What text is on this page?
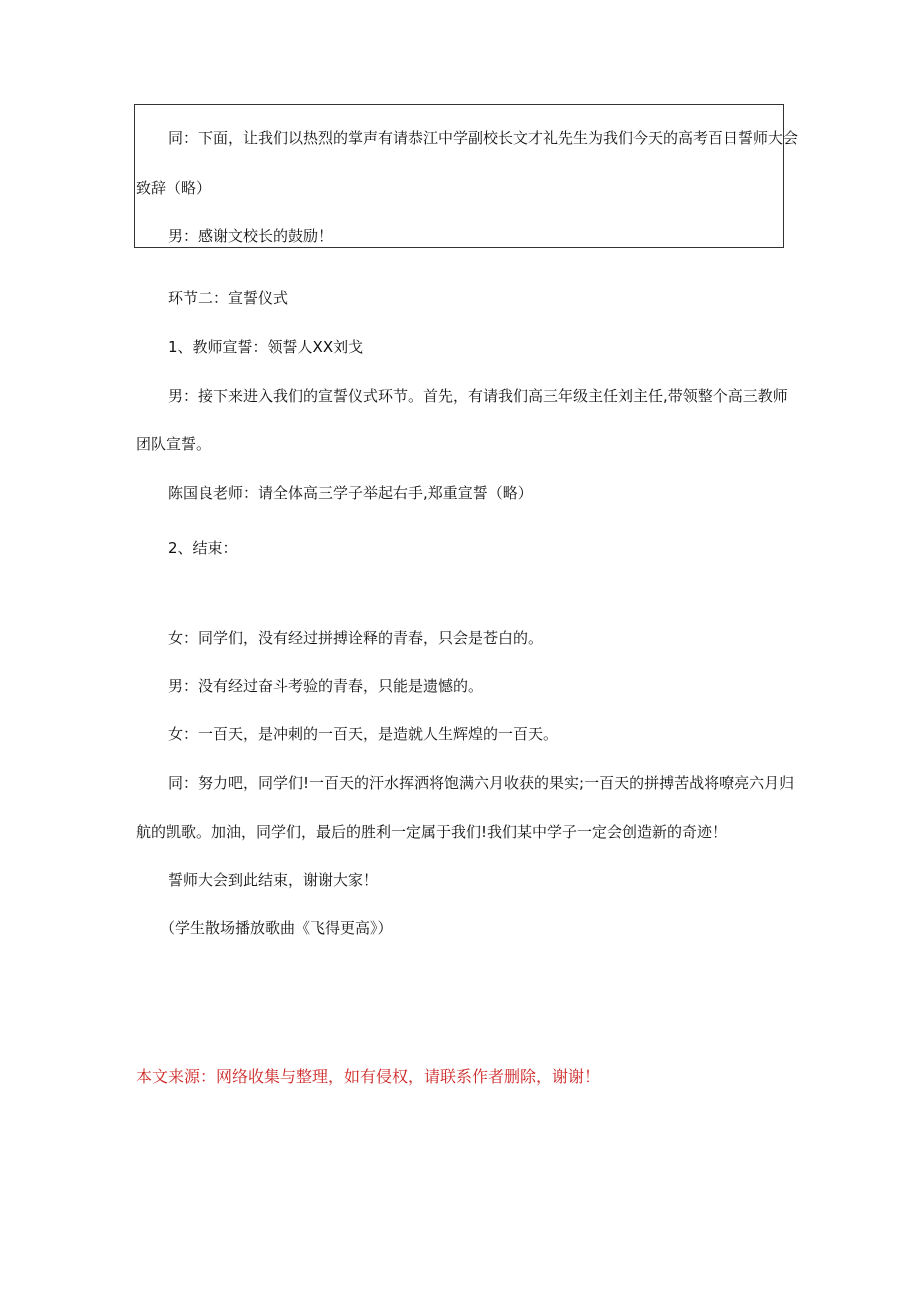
同：下面，让我们以热烈的掌声有请恭江中学副校长文才礼先生为我们今天的高考百日誓师大会
致辞（略）
男：感谢文校长的鼓励！
环节二：宣誓仪式
1、教师宣誓：领誓人XX刘戈
男：接下来进入我们的宣誓仪式环节。首先，有请我们高三年级主任刘主任,带领整个高三教师
团队宣誓。
陈国良老师：请全体高三学子举起右手,郑重宣誓（略）
2、结束：
女：同学们，没有经过拼搏诠释的青春，只会是苍白的。
男：没有经过奋斗考验的青春，只能是遗憾的。
女：一百天，是冲刺的一百天，是造就人生辉煌的一百天。
同：努力吧，同学们!一百天的汗水挥洒将饱满六月收获的果实;一百天的拼搏苦战将嘹亮六月归
航的凯歌。加油，同学们，最后的胜利一定属于我们!我们某中学子一定会创造新的奇迹！
誓师大会到此结束，谢谢大家！
（学生散场播放歌曲《飞得更高》）
本文来源：网络收集与整理，如有侵权，请联系作者删除，谢谢！
